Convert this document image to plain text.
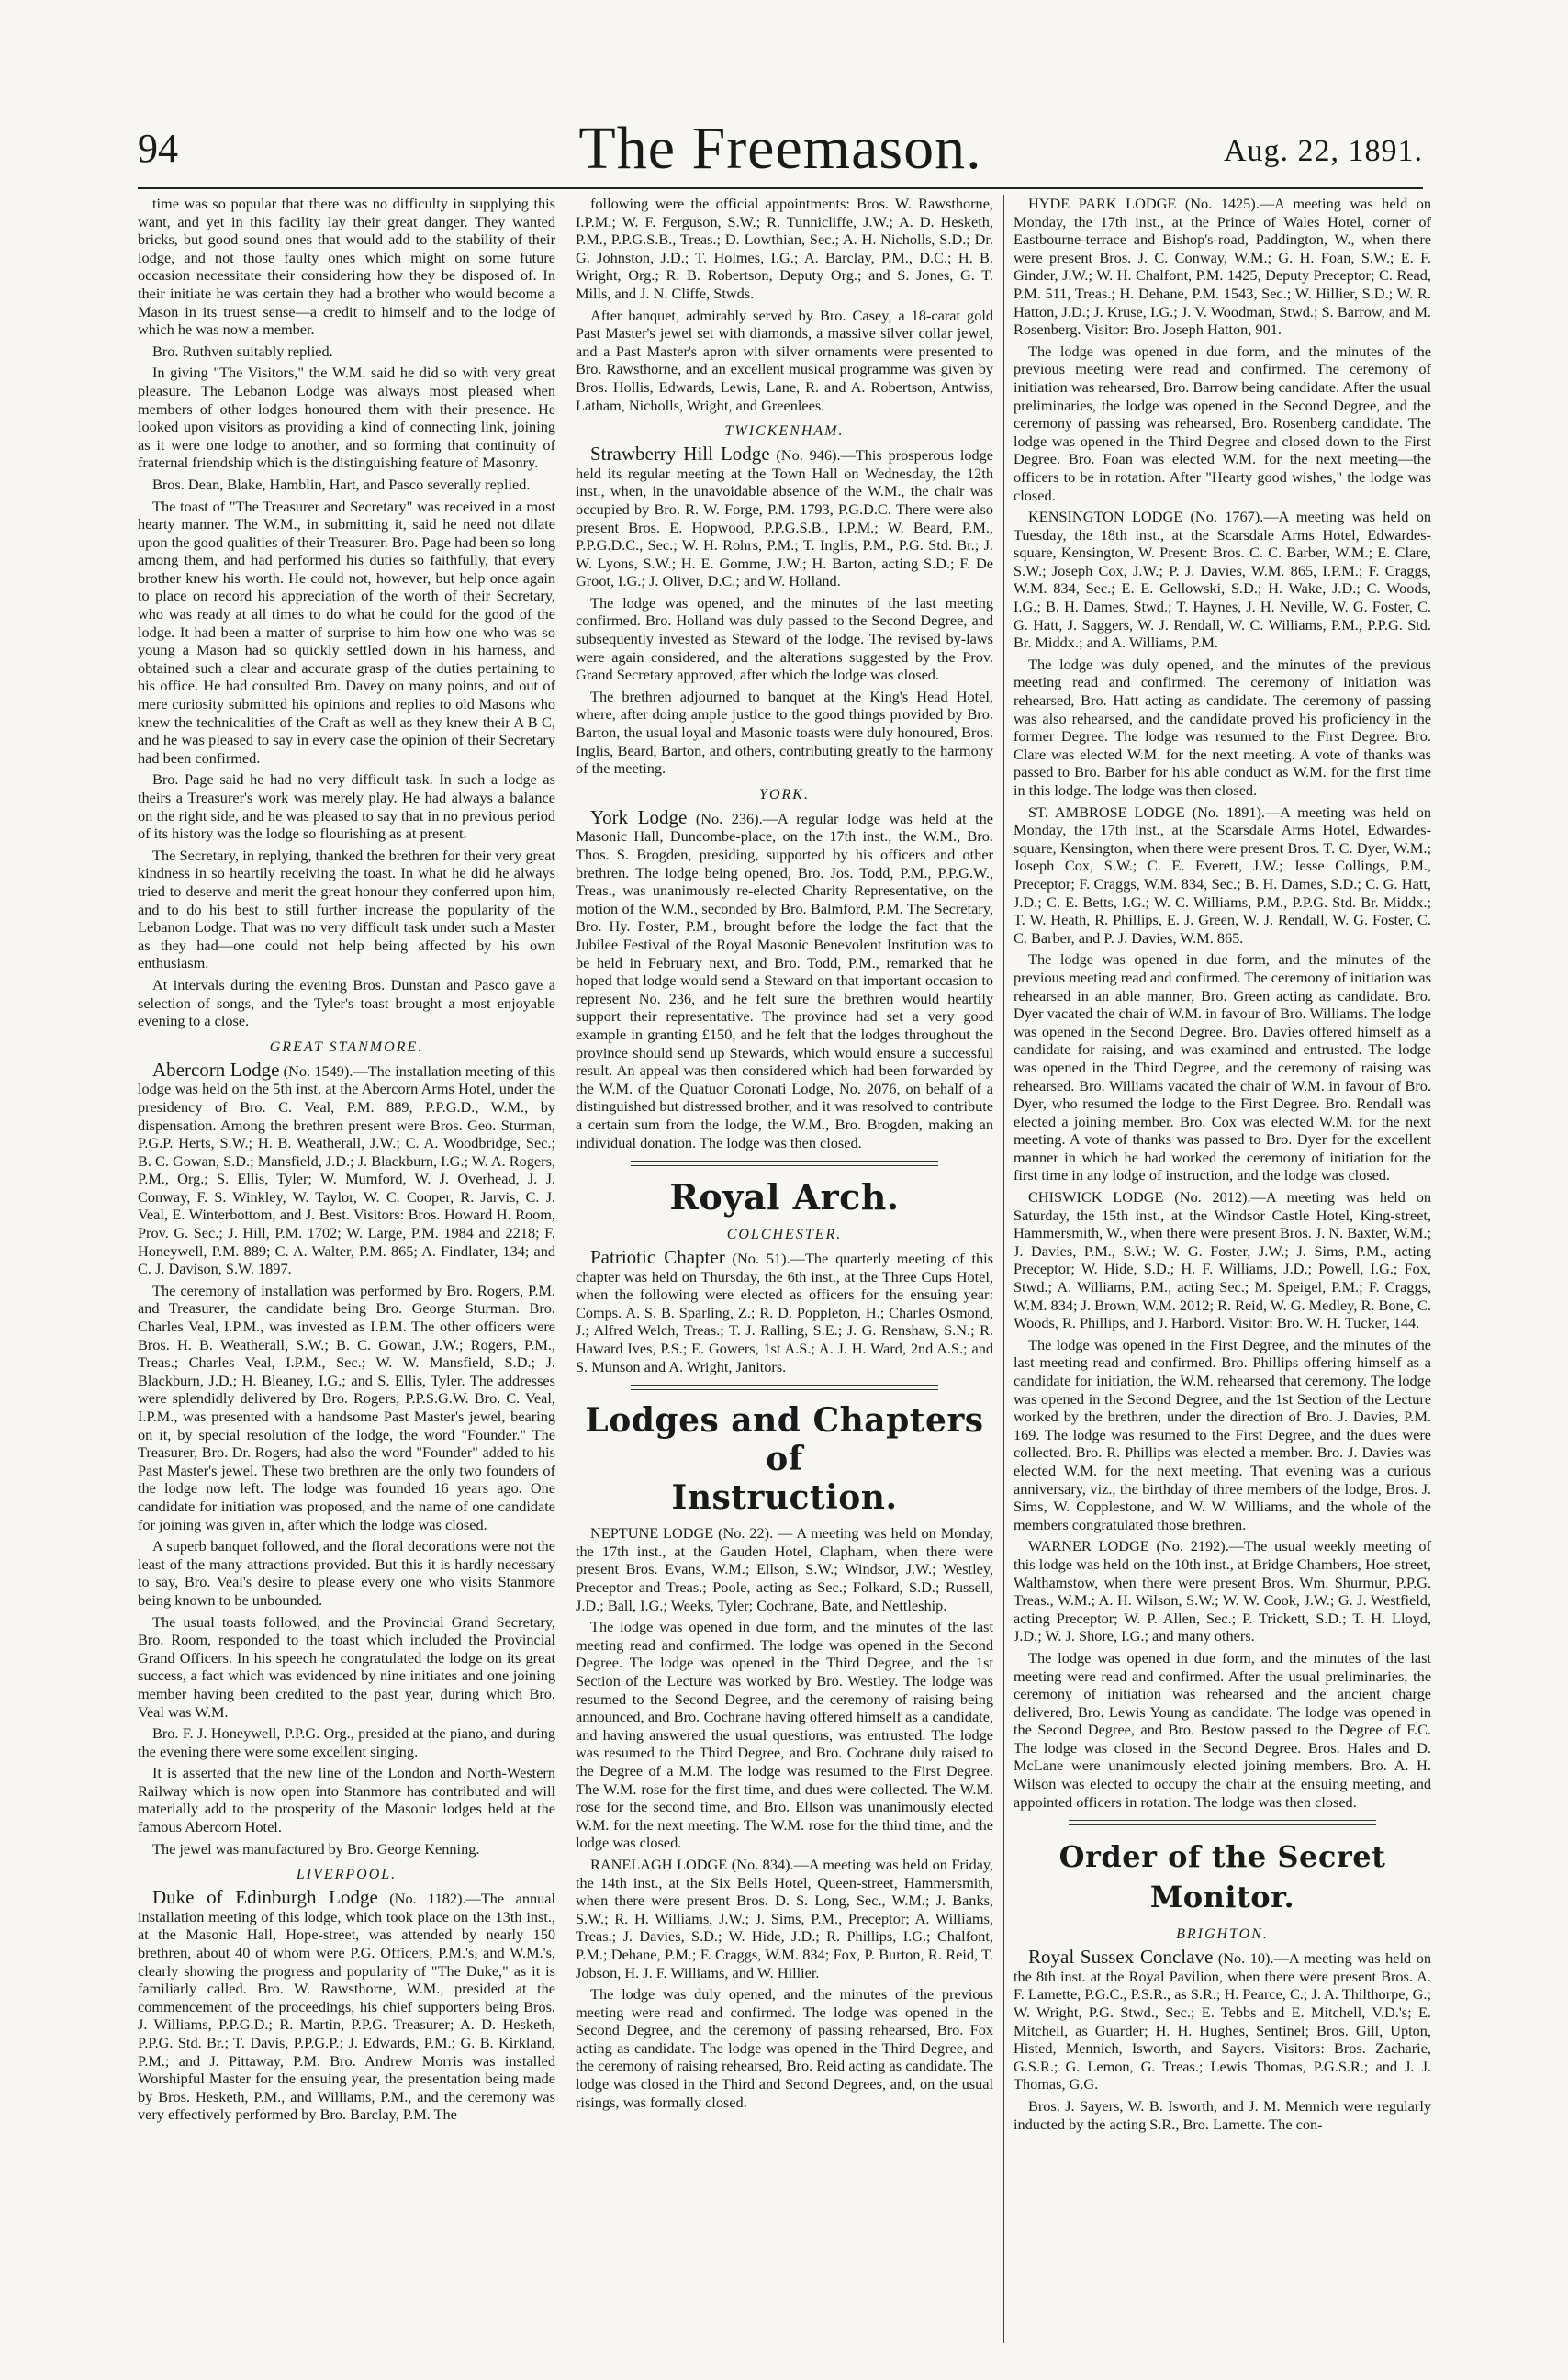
94	The Freemason.	Aug. 22, 1891.

time was so popular that there was no difficulty in supplying this want, and yet in this facility lay their great danger. They wanted bricks, but good sound ones that would add to the stability of their lodge, and not those faulty ones which might on some future occasion necessitate their considering how they be disposed of. In their initiate he was certain they had a brother who would become a Mason in its truest sense—a credit to himself and to the lodge of which he was now a member.

Bro. Ruthven suitably replied.

In giving "The Visitors," the W.M. said he did so with very great pleasure. The Lebanon Lodge was always most pleased when members of other lodges honoured them with their presence. He looked upon visitors as providing a kind of connecting link, joining as it were one lodge to another, and so forming that continuity of fraternal friendship which is the distinguishing feature of Masonry.

Bros. Dean, Blake, Hamblin, Hart, and Pasco severally replied.

The toast of "The Treasurer and Secretary" was received in a most hearty manner. The W.M., in submitting it, said he need not dilate upon the good qualities of their Treasurer. Bro. Page had been so long among them, and had performed his duties so faithfully, that every brother knew his worth. He could not, however, but help once again to place on record his appreciation of the worth of their Secretary, who was ready at all times to do what he could for the good of the lodge. It had been a matter of surprise to him how one who was so young a Mason had so quickly settled down in his harness, and obtained such a clear and accurate grasp of the duties pertaining to his office. He had consulted Bro. Davey on many points, and out of mere curiosity submitted his opinions and replies to old Masons who knew the technicalities of the Craft as well as they knew their A B C, and he was pleased to say in every case the opinion of their Secretary had been confirmed.

Bro. Page said he had no very difficult task. In such a lodge as theirs a Treasurer's work was merely play. He had always a balance on the right side, and he was pleased to say that in no previous period of its history was the lodge so flourishing as at present.

The Secretary, in replying, thanked the brethren for their very great kindness in so heartily receiving the toast. In what he did he always tried to deserve and merit the great honour they conferred upon him, and to do his best to still further increase the popularity of the Lebanon Lodge. That was no very difficult task under such a Master as they had—one could not help being affected by his own enthusiasm.

At intervals during the evening Bros. Dunstan and Pasco gave a selection of songs, and the Tyler's toast brought a most enjoyable evening to a close.

GREAT STANMORE.

Abercorn Lodge (No. 1549).—The installation meeting of this lodge was held on the 5th inst. at the Abercorn Arms Hotel, under the presidency of Bro. C. Veal, P.M. 889, P.P.G.D., W.M., by dispensation. Among the brethren present were Bros. Geo. Sturman, P.G.P. Herts, S.W.; H. B. Weatherall, J.W.; C. A. Woodbridge, Sec.; B. C. Gowan, S.D.; Mansfield, J.D.; J. Blackburn, I.G.; W. A. Rogers, P.M., Org.; S. Ellis, Tyler; W. Mumford, W. J. Overhead, J. J. Conway, F. S. Winkley, W. Taylor, W. C. Cooper, R. Jarvis, C. J. Veal, E. Winterbottom, and J. Best. Visitors: Bros. Howard H. Room, Prov. G. Sec.; J. Hill, P.M. 1702; W. Large, P.M. 1984 and 2218; F. Honeywell, P.M. 889; C. A. Walter, P.M. 865; A. Findlater, 134; and C. J. Davison, S.W. 1897.

The ceremony of installation was performed by Bro. Rogers, P.M. and Treasurer, the candidate being Bro. George Sturman. Bro. Charles Veal, I.P.M., was invested as I.P.M. The other officers were Bros. H. B. Weatherall, S.W.; B. C. Gowan, J.W.; Rogers, P.M., Treas.; Charles Veal, I.P.M., Sec.; W. W. Mansfield, S.D.; J. Blackburn, J.D.; H. Bleaney, I.G.; and S. Ellis, Tyler. The addresses were splendidly delivered by Bro. Rogers, P.P.S.G.W. Bro. C. Veal, I.P.M., was presented with a handsome Past Master's jewel, bearing on it, by special resolution of the lodge, the word "Founder." The Treasurer, Bro. Dr. Rogers, had also the word "Founder" added to his Past Master's jewel. These two brethren are the only two founders of the lodge now left. The lodge was founded 16 years ago. One candidate for initiation was proposed, and the name of one candidate for joining was given in, after which the lodge was closed.

A superb banquet followed, and the floral decorations were not the least of the many attractions provided. But this it is hardly necessary to say, Bro. Veal's desire to please every one who visits Stanmore being known to be unbounded.

The usual toasts followed, and the Provincial Grand Secretary, Bro. Room, responded to the toast which included the Provincial Grand Officers. In his speech he congratulated the lodge on its great success, a fact which was evidenced by nine initiates and one joining member having been credited to the past year, during which Bro. Veal was W.M.

Bro. F. J. Honeywell, P.P.G. Org., presided at the piano, and during the evening there were some excellent singing.

It is asserted that the new line of the London and North-Western Railway which is now open into Stanmore has contributed and will materially add to the prosperity of the Masonic lodges held at the famous Abercorn Hotel.

The jewel was manufactured by Bro. George Kenning.

LIVERPOOL.

Duke of Edinburgh Lodge (No. 1182).—The annual installation meeting of this lodge, which took place on the 13th inst., at the Masonic Hall, Hope-street, was attended by nearly 150 brethren, about 40 of whom were P.G. Officers, P.M.'s, and W.M.'s, clearly showing the progress and popularity of "The Duke," as it is familiarly called. Bro. W. Rawsthorne, W.M., presided at the commencement of the proceedings, his chief supporters being Bros. J. Williams, P.P.G.D.; R. Martin, P.P.G. Treasurer; A. D. Hesketh, P.P.G. Std. Br.; T. Davis, P.P.G.P.; J. Edwards, P.M.; G. B. Kirkland, P.M.; and J. Pittaway, P.M. Bro. Andrew Morris was installed Worshipful Master for the ensuing year, the presentation being made by Bros. Hesketh, P.M., and Williams, P.M., and the ceremony was very effectively performed by Bro. Barclay, P.M. The

following were the official appointments: Bros. W. Rawsthorne, I.P.M.; W. F. Ferguson, S.W.; R. Tunnicliffe, J.W.; A. D. Hesketh, P.M., P.P.G.S.B., Treas.; D. Lowthian, Sec.; A. H. Nicholls, S.D.; Dr. G. Johnston, J.D.; T. Holmes, I.G.; A. Barclay, P.M., D.C.; H. B. Wright, Org.; R. B. Robertson, Deputy Org.; and S. Jones, G. T. Mills, and J. N. Cliffe, Stwds.

After banquet, admirably served by Bro. Casey, a 18-carat gold Past Master's jewel set with diamonds, a massive silver collar jewel, and a Past Master's apron with silver ornaments were presented to Bro. Rawsthorne, and an excellent musical programme was given by Bros. Hollis, Edwards, Lewis, Lane, R. and A. Robertson, Antwiss, Latham, Nicholls, Wright, and Greenlees.

TWICKENHAM.

Strawberry Hill Lodge (No. 946).—This prosperous lodge held its regular meeting at the Town Hall on Wednesday, the 12th inst., when, in the unavoidable absence of the W.M., the chair was occupied by Bro. R. W. Forge, P.M. 1793, P.G.D.C. There were also present Bros. E. Hopwood, P.P.G.S.B., I.P.M.; W. Beard, P.M., P.P.G.D.C., Sec.; W. H. Rohrs, P.M.; T. Inglis, P.M., P.G. Std. Br.; J. W. Lyons, S.W.; H. E. Gomme, J.W.; H. Barton, acting S.D.; F. De Groot, I.G.; J. Oliver, D.C.; and W. Holland.

The lodge was opened, and the minutes of the last meeting confirmed. Bro. Holland was duly passed to the Second Degree, and subsequently invested as Steward of the lodge. The revised by-laws were again considered, and the alterations suggested by the Prov. Grand Secretary approved, after which the lodge was closed.

The brethren adjourned to banquet at the King's Head Hotel, where, after doing ample justice to the good things provided by Bro. Barton, the usual loyal and Masonic toasts were duly honoured, Bros. Inglis, Beard, Barton, and others, contributing greatly to the harmony of the meeting.

YORK.

York Lodge (No. 236).—A regular lodge was held at the Masonic Hall, Duncombe-place, on the 17th inst., the W.M., Bro. Thos. S. Brogden, presiding, supported by his officers and other brethren. The lodge being opened, Bro. Jos. Todd, P.M., P.P.G.W., Treas., was unanimously re-elected Charity Representative, on the motion of the W.M., seconded by Bro. Balmford, P.M. The Secretary, Bro. Hy. Foster, P.M., brought before the lodge the fact that the Jubilee Festival of the Royal Masonic Benevolent Institution was to be held in February next, and Bro. Todd, P.M., remarked that he hoped that lodge would send a Steward on that important occasion to represent No. 236, and he felt sure the brethren would heartily support their representative. The province had set a very good example in granting £150, and he felt that the lodges throughout the province should send up Stewards, which would ensure a successful result. An appeal was then considered which had been forwarded by the W.M. of the Quatuor Coronati Lodge, No. 2076, on behalf of a distinguished but distressed brother, and it was resolved to contribute a certain sum from the lodge, the W.M., Bro. Brogden, making an individual donation. The lodge was then closed.

Royal Arch.
COLCHESTER.

Patriotic Chapter (No. 51).—The quarterly meeting of this chapter was held on Thursday, the 6th inst., at the Three Cups Hotel, when the following were elected as officers for the ensuing year: Comps. A. S. B. Sparling, Z.; R. D. Poppleton, H.; Charles Osmond, J.; Alfred Welch, Treas.; T. J. Ralling, S.E.; J. G. Renshaw, S.N.; R. Haward Ives, P.S.; E. Gowers, 1st A.S.; A. J. H. Ward, 2nd A.S.; and S. Munson and A. Wright, Janitors.

Lodges and Chapters of
Instruction.

NEPTUNE LODGE (No. 22). — A meeting was held on Monday, the 17th inst., at the Gauden Hotel, Clapham, when there were present Bros. Evans, W.M.; Ellson, S.W.; Windsor, J.W.; Westley, Preceptor and Treas.; Poole, acting as Sec.; Folkard, S.D.; Russell, J.D.; Ball, I.G.; Weeks, Tyler; Cochrane, Bate, and Nettleship.

The lodge was opened in due form, and the minutes of the last meeting read and confirmed. The lodge was opened in the Second Degree. The lodge was opened in the Third Degree, and the 1st Section of the Lecture was worked by Bro. Westley. The lodge was resumed to the Second Degree, and the ceremony of raising being announced, and Bro. Cochrane having offered himself as a candidate, and having answered the usual questions, was entrusted. The lodge was resumed to the Third Degree, and Bro. Cochrane duly raised to the Degree of a M.M. The lodge was resumed to the First Degree. The W.M. rose for the first time, and dues were collected. The W.M. rose for the second time, and Bro. Ellson was unanimously elected W.M. for the next meeting. The W.M. rose for the third time, and the lodge was closed.

RANELAGH LODGE (No. 834).—A meeting was held on Friday, the 14th inst., at the Six Bells Hotel, Queen-street, Hammersmith, when there were present Bros. D. S. Long, Sec., W.M.; J. Banks, S.W.; R. H. Williams, J.W.; J. Sims, P.M., Preceptor; A. Williams, Treas.; J. Davies, S.D.; W. Hide, J.D.; R. Phillips, I.G.; Chalfont, P.M.; Dehane, P.M.; F. Craggs, W.M. 834; Fox, P. Burton, R. Reid, T. Jobson, H. J. F. Williams, and W. Hillier.

The lodge was duly opened, and the minutes of the previous meeting were read and confirmed. The lodge was opened in the Second Degree, and the ceremony of passing rehearsed, Bro. Fox acting as candidate. The lodge was opened in the Third Degree, and the ceremony of raising rehearsed, Bro. Reid acting as candidate. The lodge was closed in the Third and Second Degrees, and, on the usual risings, was formally closed.

HYDE PARK LODGE (No. 1425).—A meeting was held on Monday, the 17th inst., at the Prince of Wales Hotel, corner of Eastbourne-terrace and Bishop's-road, Paddington, W., when there were present Bros. J. C. Conway, W.M.; G. H. Foan, S.W.; E. F. Ginder, J.W.; W. H. Chalfont, P.M. 1425, Deputy Preceptor; C. Read, P.M. 511, Treas.; H. Dehane, P.M. 1543, Sec.; W. Hillier, S.D.; W. R. Hatton, J.D.; J. Kruse, I.G.; J. V. Woodman, Stwd.; S. Barrow, and M. Rosenberg. Visitor: Bro. Joseph Hatton, 901.

The lodge was opened in due form, and the minutes of the previous meeting were read and confirmed. The ceremony of initiation was rehearsed, Bro. Barrow being candidate. After the usual preliminaries, the lodge was opened in the Second Degree, and the ceremony of passing was rehearsed, Bro. Rosenberg candidate. The lodge was opened in the Third Degree and closed down to the First Degree. Bro. Foan was elected W.M. for the next meeting—the officers to be in rotation. After "Hearty good wishes," the lodge was closed.

KENSINGTON LODGE (No. 1767).—A meeting was held on Tuesday, the 18th inst., at the Scarsdale Arms Hotel, Edwardes-square, Kensington, W. Present: Bros. C. C. Barber, W.M.; E. Clare, S.W.; Joseph Cox, J.W.; P. J. Davies, W.M. 865, I.P.M.; F. Craggs, W.M. 834, Sec.; E. E. Gellowski, S.D.; H. Wake, J.D.; C. Woods, I.G.; B. H. Dames, Stwd.; T. Haynes, J. H. Neville, W. G. Foster, C. G. Hatt, J. Saggers, W. J. Rendall, W. C. Williams, P.M., P.P.G. Std. Br. Middx.; and A. Williams, P.M.

The lodge was duly opened, and the minutes of the previous meeting read and confirmed. The ceremony of initiation was rehearsed, Bro. Hatt acting as candidate. The ceremony of passing was also rehearsed, and the candidate proved his proficiency in the former Degree. The lodge was resumed to the First Degree. Bro. Clare was elected W.M. for the next meeting. A vote of thanks was passed to Bro. Barber for his able conduct as W.M. for the first time in this lodge. The lodge was then closed.

ST. AMBROSE LODGE (No. 1891).—A meeting was held on Monday, the 17th inst., at the Scarsdale Arms Hotel, Edwardes-square, Kensington, when there were present Bros. T. C. Dyer, W.M.; Joseph Cox, S.W.; C. E. Everett, J.W.; Jesse Collings, P.M., Preceptor; F. Craggs, W.M. 834, Sec.; B. H. Dames, S.D.; C. G. Hatt, J.D.; C. E. Betts, I.G.; W. C. Williams, P.M., P.P.G. Std. Br. Middx.; T. W. Heath, R. Phillips, E. J. Green, W. J. Rendall, W. G. Foster, C. C. Barber, and P. J. Davies, W.M. 865.

The lodge was opened in due form, and the minutes of the previous meeting read and confirmed. The ceremony of initiation was rehearsed in an able manner, Bro. Green acting as candidate. Bro. Dyer vacated the chair of W.M. in favour of Bro. Williams. The lodge was opened in the Second Degree. Bro. Davies offered himself as a candidate for raising, and was examined and entrusted. The lodge was opened in the Third Degree, and the ceremony of raising was rehearsed. Bro. Williams vacated the chair of W.M. in favour of Bro. Dyer, who resumed the lodge to the First Degree. Bro. Rendall was elected a joining member. Bro. Cox was elected W.M. for the next meeting. A vote of thanks was passed to Bro. Dyer for the excellent manner in which he had worked the ceremony of initiation for the first time in any lodge of instruction, and the lodge was closed.

CHISWICK LODGE (No. 2012).—A meeting was held on Saturday, the 15th inst., at the Windsor Castle Hotel, King-street, Hammersmith, W., when there were present Bros. J. N. Baxter, W.M.; J. Davies, P.M., S.W.; W. G. Foster, J.W.; J. Sims, P.M., acting Preceptor; W. Hide, S.D.; H. F. Williams, J.D.; Powell, I.G.; Fox, Stwd.; A. Williams, P.M., acting Sec.; M. Speigel, P.M.; F. Craggs, W.M. 834; J. Brown, W.M. 2012; R. Reid, W. G. Medley, R. Bone, C. Woods, R. Phillips, and J. Harbord. Visitor: Bro. W. H. Tucker, 144.

The lodge was opened in the First Degree, and the minutes of the last meeting read and confirmed. Bro. Phillips offering himself as a candidate for initiation, the W.M. rehearsed that ceremony. The lodge was opened in the Second Degree, and the 1st Section of the Lecture worked by the brethren, under the direction of Bro. J. Davies, P.M. 169. The lodge was resumed to the First Degree, and the dues were collected. Bro. R. Phillips was elected a member. Bro. J. Davies was elected W.M. for the next meeting. That evening was a curious anniversary, viz., the birthday of three members of the lodge, Bros. J. Sims, W. Copplestone, and W. W. Williams, and the whole of the members congratulated those brethren.

WARNER LODGE (No. 2192).—The usual weekly meeting of this lodge was held on the 10th inst., at Bridge Chambers, Hoe-street, Walthamstow, when there were present Bros. Wm. Shurmur, P.P.G. Treas., W.M.; A. H. Wilson, S.W.; W. W. Cook, J.W.; G. J. Westfield, acting Preceptor; W. P. Allen, Sec.; P. Trickett, S.D.; T. H. Lloyd, J.D.; W. J. Shore, I.G.; and many others.

The lodge was opened in due form, and the minutes of the last meeting were read and confirmed. After the usual preliminaries, the ceremony of initiation was rehearsed and the ancient charge delivered, Bro. Lewis Young as candidate. The lodge was opened in the Second Degree, and Bro. Bestow passed to the Degree of F.C. The lodge was closed in the Second Degree. Bros. Hales and D. McLane were unanimously elected joining members. Bro. A. H. Wilson was elected to occupy the chair at the ensuing meeting, and appointed officers in rotation. The lodge was then closed.

Order of the Secret Monitor.
BRIGHTON.

Royal Sussex Conclave (No. 10).—A meeting was held on the 8th inst. at the Royal Pavilion, when there were present Bros. A. F. Lamette, P.G.C., P.S.R., as S.R.; H. Pearce, C.; J. A. Thilthorpe, G.; W. Wright, P.G. Stwd., Sec.; E. Tebbs and E. Mitchell, V.D.'s; E. Mitchell, as Guarder; H. H. Hughes, Sentinel; Bros. Gill, Upton, Histed, Mennich, Isworth, and Sayers. Visitors: Bros. Zacharie, G.S.R.; G. Lemon, G. Treas.; Lewis Thomas, P.G.S.R.; and J. J. Thomas, G.G.

Bros. J. Sayers, W. B. Isworth, and J. M. Mennich were regularly inducted by the acting S.R., Bro. Lamette. The con-
